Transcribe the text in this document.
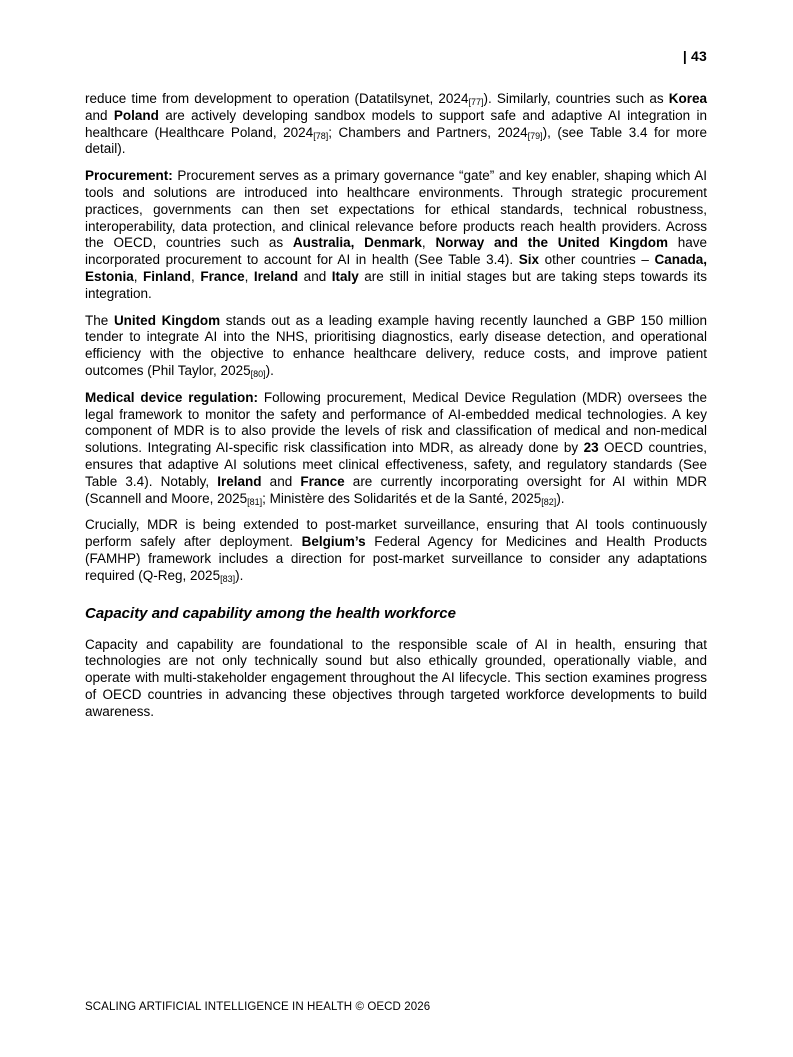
| 43

reduce time from development to operation (Datatilsynet, $2024_{[77]}$). Similarly, countries such as Korea and Poland are actively developing sandbox models to support safe and adaptive AI integration in healthcare (Healthcare Poland, $2024_{[78]}$; Chambers and Partners, $2024_{[79]}$), (see Table 3.4 for more detail).

Procurement: Procurement serves as a primary governance “gate” and key enabler, shaping which AI tools and solutions are introduced into healthcare environments. Through strategic procurement practices, governments can then set expectations for ethical standards, technical robustness, interoperability, data protection, and clinical relevance before products reach health providers. Across the OECD, countries such as Australia, Denmark, Norway and the United Kingdom have incorporated procurement to account for AI in health (See Table 3.4). Six other countries – Canada, Estonia, Finland, France, Ireland and Italy are still in initial stages but are taking steps towards its integration.

The United Kingdom stands out as a leading example having recently launched a GBP 150 million tender to integrate AI into the NHS, prioritising diagnostics, early disease detection, and operational efficiency with the objective to enhance healthcare delivery, reduce costs, and improve patient outcomes (Phil Taylor, $2025_{[80]}$).

Medical device regulation: Following procurement, Medical Device Regulation (MDR) oversees the legal framework to monitor the safety and performance of AI-embedded medical technologies. A key component of MDR is to also provide the levels of risk and classification of medical and non-medical solutions. Integrating AI-specific risk classification into MDR, as already done by 23 OECD countries, ensures that adaptive AI solutions meet clinical effectiveness, safety, and regulatory standards (See Table 3.4). Notably, Ireland and France are currently incorporating oversight for AI within MDR (Scannell and Moore, $2025_{[81]}$; Ministère des Solidarités et de la Santé, $2025_{[82]}$).

Crucially, MDR is being extended to post-market surveillance, ensuring that AI tools continuously perform safely after deployment. Belgium’s Federal Agency for Medicines and Health Products (FAMHP) framework includes a direction for post-market surveillance to consider any adaptations required (Q-Reg, $2025_{[83]}$).

Capacity and capability among the health workforce

Capacity and capability are foundational to the responsible scale of AI in health, ensuring that technologies are not only technically sound but also ethically grounded, operationally viable, and operate with multi-stakeholder engagement throughout the AI lifecycle. This section examines progress of OECD countries in advancing these objectives through targeted workforce developments to build awareness.

SCALING ARTIFICIAL INTELLIGENCE IN HEALTH © OECD 2026
